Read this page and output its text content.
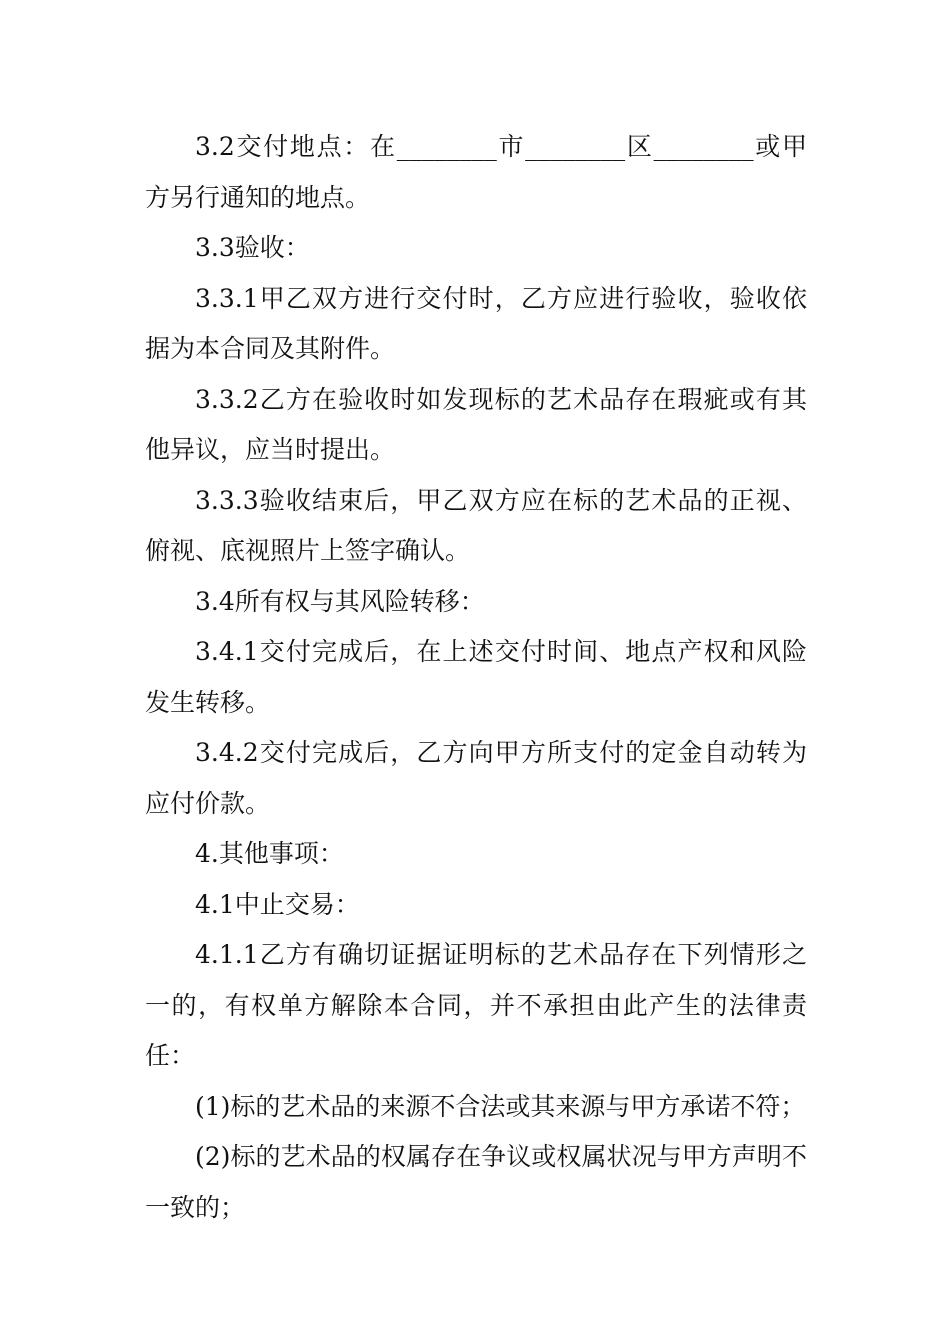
3.2交付地点：在________市________区________或甲方另行通知的地点。

3.3验收：

3.3.1甲乙双方进行交付时，乙方应进行验收，验收依据为本合同及其附件。

3.3.2乙方在验收时如发现标的艺术品存在瑕疵或有其他异议，应当时提出。

3.3.3验收结束后，甲乙双方应在标的艺术品的正视、俯视、底视照片上签字确认。

3.4所有权与其风险转移：

3.4.1交付完成后，在上述交付时间、地点产权和风险发生转移。

3.4.2交付完成后，乙方向甲方所支付的定金自动转为应付价款。

4.其他事项：

4.1中止交易：

4.1.1乙方有确切证据证明标的艺术品存在下列情形之一的，有权单方解除本合同，并不承担由此产生的法律责任：

(1)标的艺术品的来源不合法或其来源与甲方承诺不符；

(2)标的艺术品的权属存在争议或权属状况与甲方声明不一致的；
